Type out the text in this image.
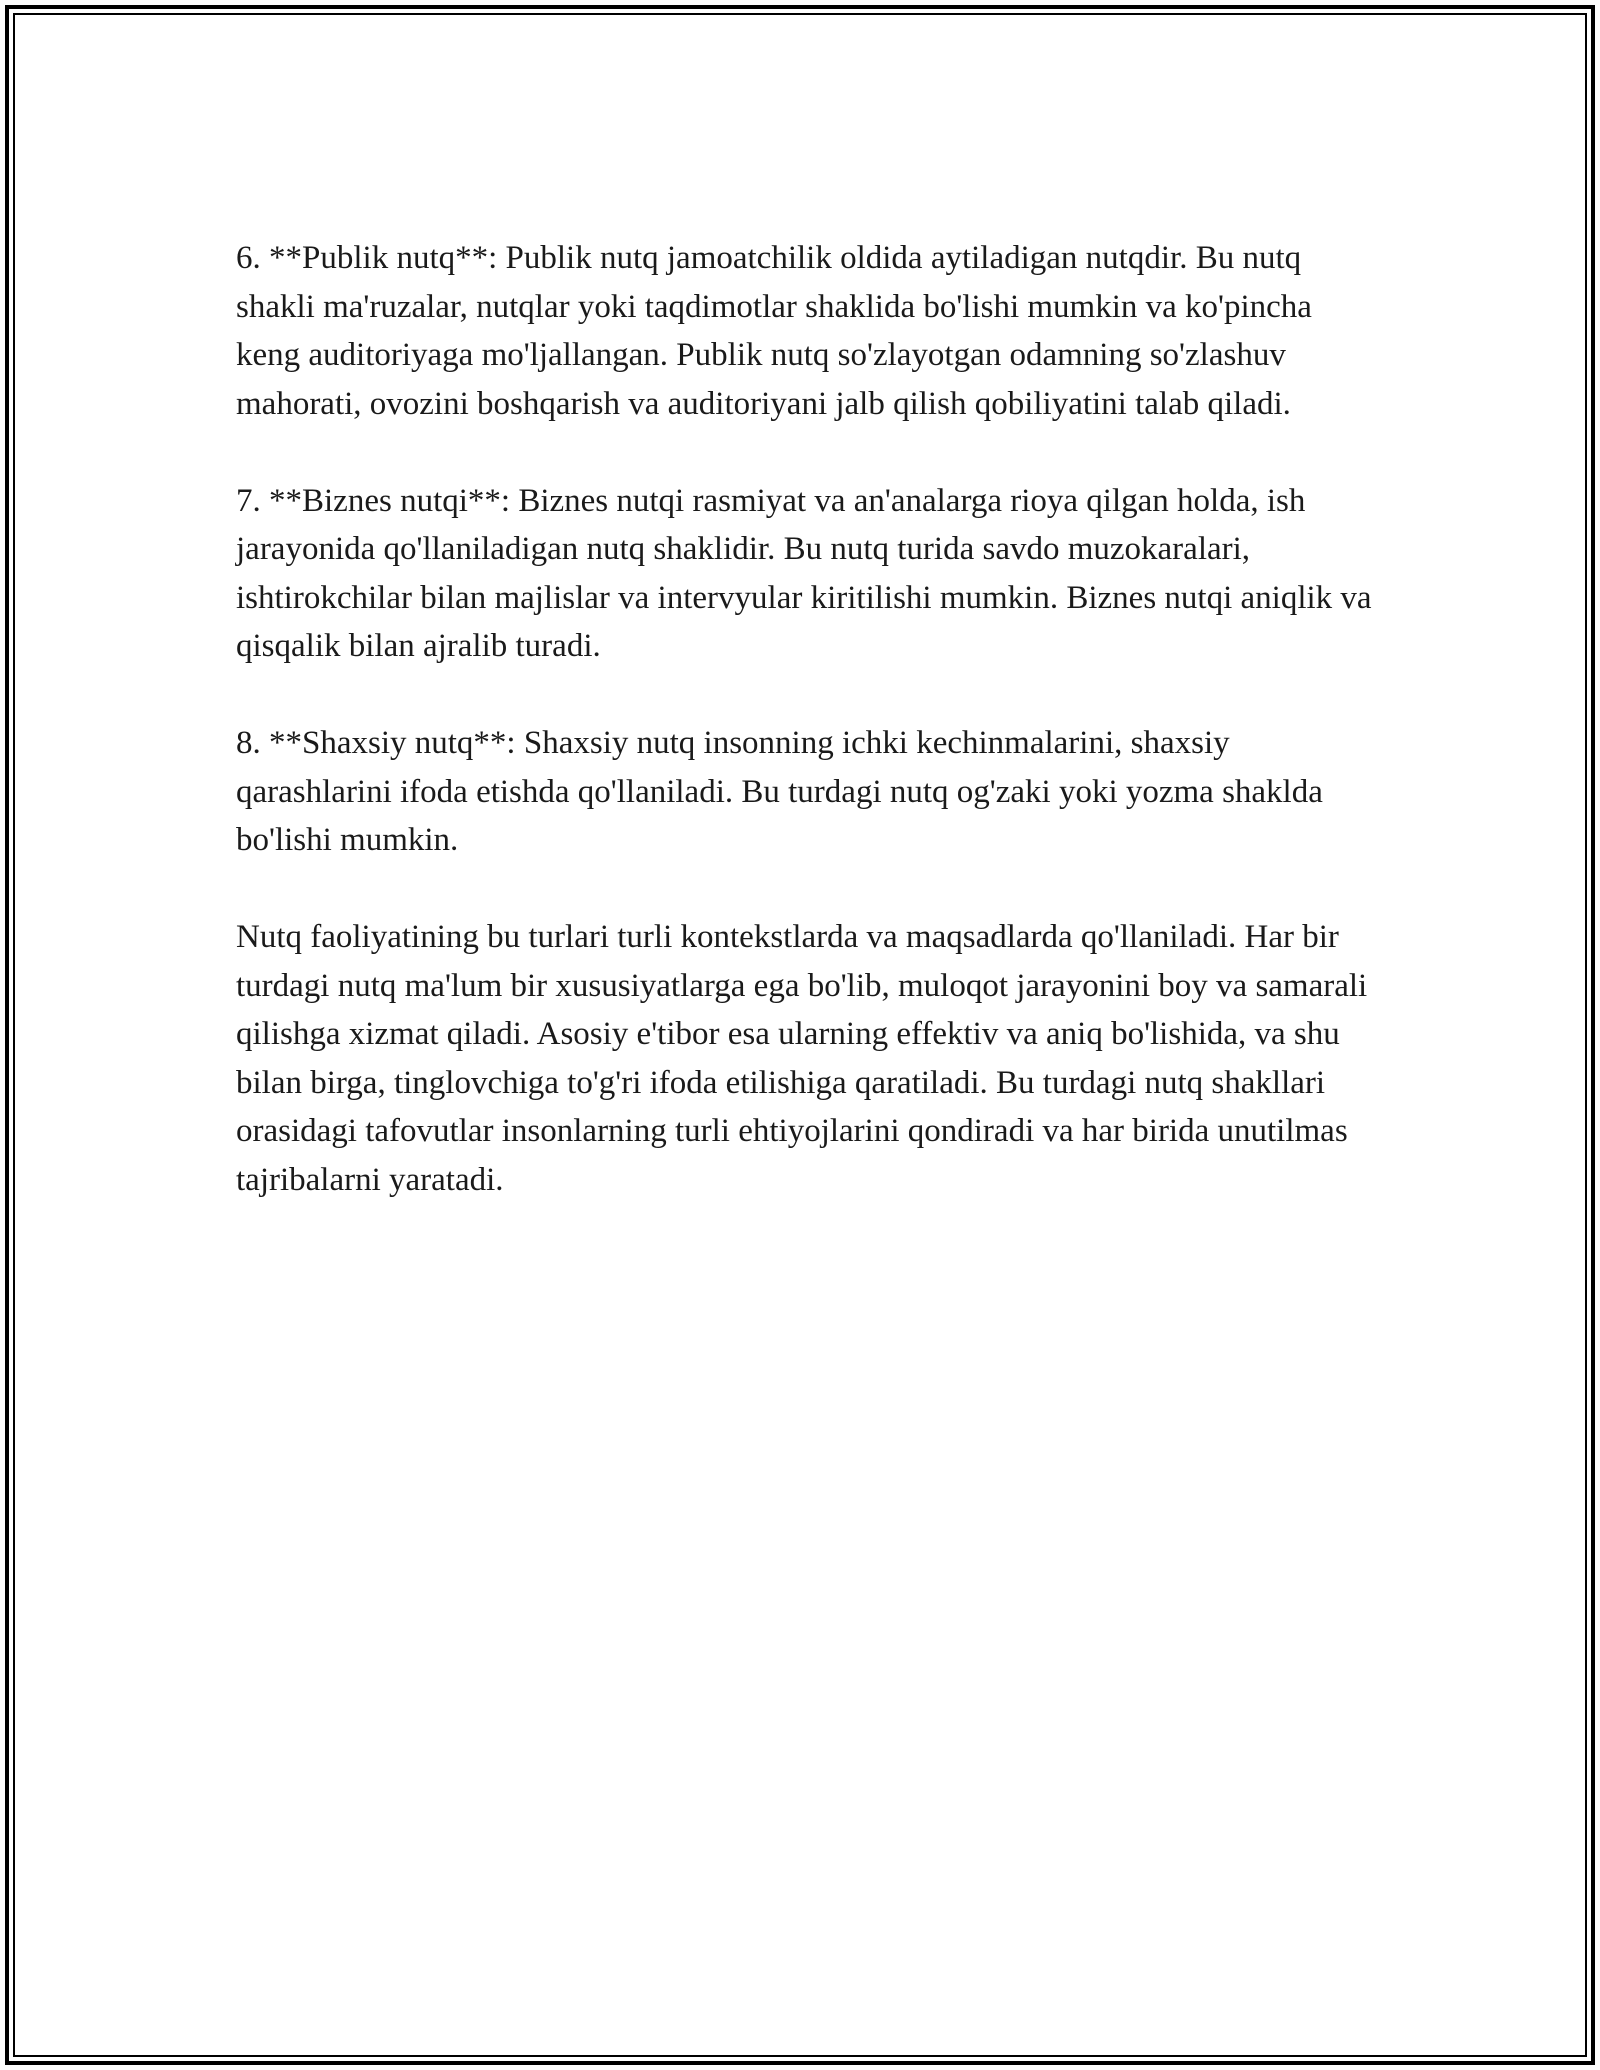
6. **Publik nutq**: Publik nutq jamoatchilik oldida aytiladigan nutqdir. Bu nutq shakli ma'ruzalar, nutqlar yoki taqdimotlar shaklida bo'lishi mumkin va ko'pincha keng auditoriyaga mo'ljallangan. Publik nutq so'zlayotgan odamning so'zlashuv mahorati, ovozini boshqarish va auditoriyani jalb qilish qobiliyatini talab qiladi.

7. **Biznes nutqi**: Biznes nutqi rasmiyat va an'analarga rioya qilgan holda, ish jarayonida qo'llaniladigan nutq shaklidir. Bu nutq turida savdo muzokaralari, ishtirokchilar bilan majlislar va intervyular kiritilishi mumkin. Biznes nutqi aniqlik va qisqalik bilan ajralib turadi.

8. **Shaxsiy nutq**: Shaxsiy nutq insonning ichki kechinmalarini, shaxsiy qarashlarini ifoda etishda qo'llaniladi. Bu turdagi nutq og'zaki yoki yozma shaklda bo'lishi mumkin.

Nutq faoliyatining bu turlari turli kontekstlarda va maqsadlarda qo'llaniladi. Har bir turdagi nutq ma'lum bir xususiyatlarga ega bo'lib, muloqot jarayonini boy va samarali qilishga xizmat qiladi. Asosiy e'tibor esa ularning effektiv va aniq bo'lishida, va shu bilan birga, tinglovchiga to'g'ri ifoda etilishiga qaratiladi. Bu turdagi nutq shakllari orasidagi tafovutlar insonlarning turli ehtiyojlarini qondiradi va har birida unutilmas tajribalarni yaratadi.
